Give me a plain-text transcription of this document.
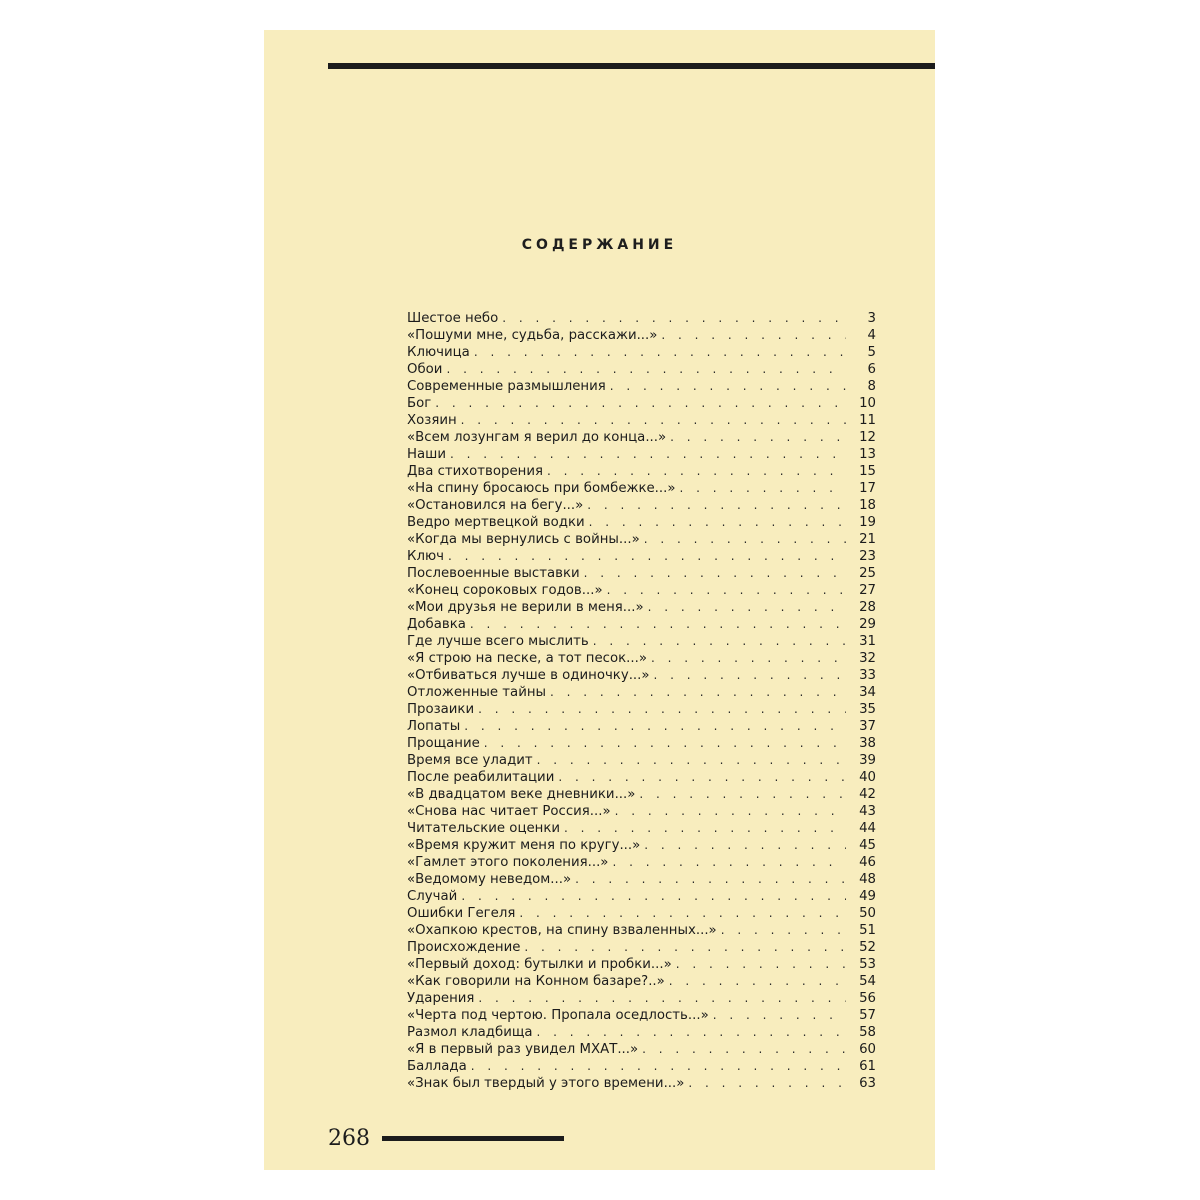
СОДЕРЖАНИЕ
Шестое небо . . .	3
«Пошуми мне, судьба, расскажи...» . . .	4
Ключица . . .	5
Обои . . .	6
Современные размышления . . .	8
Бог . . .	10
Хозяин . . .	11
«Всем лозунгам я верил до конца...» . . .	12
Наши . . .	13
Два стихотворения . . .	15
«На спину бросаюсь при бомбежке...» . . .	17
«Остановился на бегу...» . . .	18
Ведро мертвецкой водки . . .	19
«Когда мы вернулись с войны...» . . .	21
Ключ . . .	23
Послевоенные выставки . . .	25
«Конец сороковых годов...» . . .	27
«Мои друзья не верили в меня...» . . .	28
Добавка . . .	29
Где лучше всего мыслить . . .	31
«Я строю на песке, а тот песок...» . . .	32
«Отбиваться лучше в одиночку...» . . .	33
Отложенные тайны . . .	34
Прозаики . . .	35
Лопаты . . .	37
Прощание . . .	38
Время все уладит . . .	39
После реабилитации . . .	40
«В двадцатом веке дневники...» . . .	42
«Снова нас читает Россия...» . . .	43
Читательские оценки . . .	44
«Время кружит меня по кругу...» . . .	45
«Гамлет этого поколения...» . . .	46
«Ведомому неведом...» . . .	48
Случай . . .	49
Ошибки Гегеля . . .	50
«Охапкою крестов, на спину взваленных...» . . .	51
Происхождение . . .	52
«Первый доход: бутылки и пробки...» . . .	53
«Как говорили на Конном базаре?..» . . .	54
Ударения . . .	56
«Черта под чертою. Пропала оседлость...» . . .	57
Размол кладбища . . .	58
«Я в первый раз увидел МХАТ...» . . .	60
Баллада . . .	61
«Знак был твердый у этого времени...» . . .	63
268
